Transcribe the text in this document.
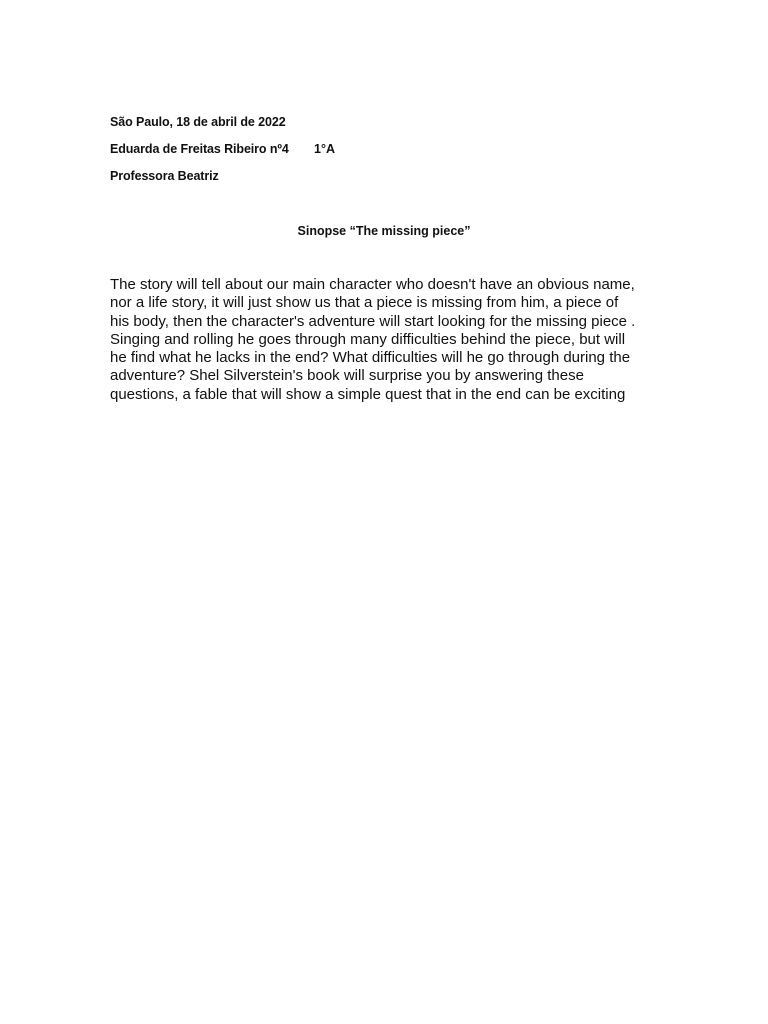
São Paulo, 18 de abril de 2022
Eduarda de Freitas Ribeiro nº4 1°A
Professora Beatriz
Sinopse “The missing piece”

The story will tell about our main character who doesn't have an obvious name,
nor a life story, it will just show us that a piece is missing from him, a piece of
his body, then the character's adventure will start looking for the missing piece .
Singing and rolling he goes through many difficulties behind the piece, but will
he find what he lacks in the end? What difficulties will he go through during the
adventure? Shel Silverstein's book will surprise you by answering these
questions, a fable that will show a simple quest that in the end can be exciting
